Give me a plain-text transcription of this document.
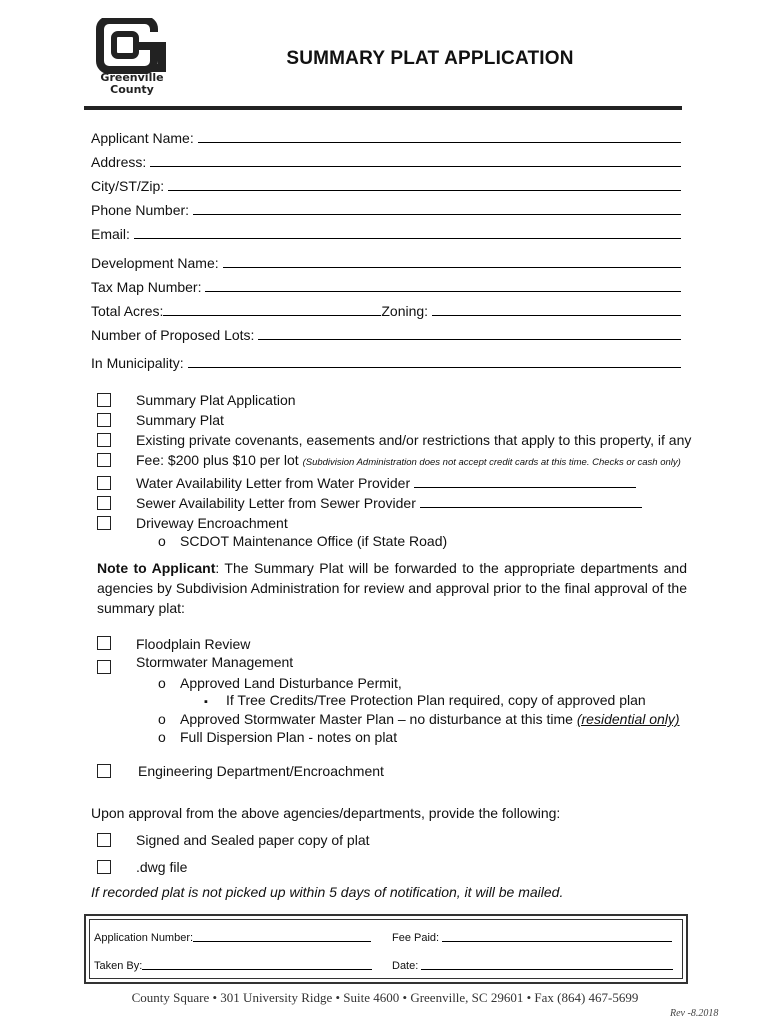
Greenville
County
SUMMARY PLAT APPLICATION
Applicant Name:
Address:
City/ST/Zip:
Phone Number:
Email:
Development Name:
Tax Map Number:
Total Acres:	Zoning:
Number of Proposed Lots:
In Municipality:
Summary Plat Application
Summary Plat
Existing private covenants, easements and/or restrictions that apply to this property, if any
Fee: $200 plus $10 per lot (Subdivision Administration does not accept credit cards at this time. Checks or cash only)
Water Availability Letter from Water Provider
Sewer Availability Letter from Sewer Provider
Driveway Encroachment
o SCDOT Maintenance Office (if State Road)
Note to Applicant: The Summary Plat will be forwarded to the appropriate departments and agencies by Subdivision Administration for review and approval prior to the final approval of the summary plat:
Floodplain Review
Stormwater Management
o Approved Land Disturbance Permit,
▪ If Tree Credits/Tree Protection Plan required, copy of approved plan
o Approved Stormwater Master Plan – no disturbance at this time (residential only)
o Full Dispersion Plan - notes on plat
Engineering Department/Encroachment
Upon approval from the above agencies/departments, provide the following:
Signed and Sealed paper copy of plat
.dwg file
If recorded plat is not picked up within 5 days of notification, it will be mailed.
Application Number:	Fee Paid:
Taken By:	Date:
County Square • 301 University Ridge • Suite 4600 • Greenville, SC 29601 • Fax (864) 467-5699
Rev -8.2018
